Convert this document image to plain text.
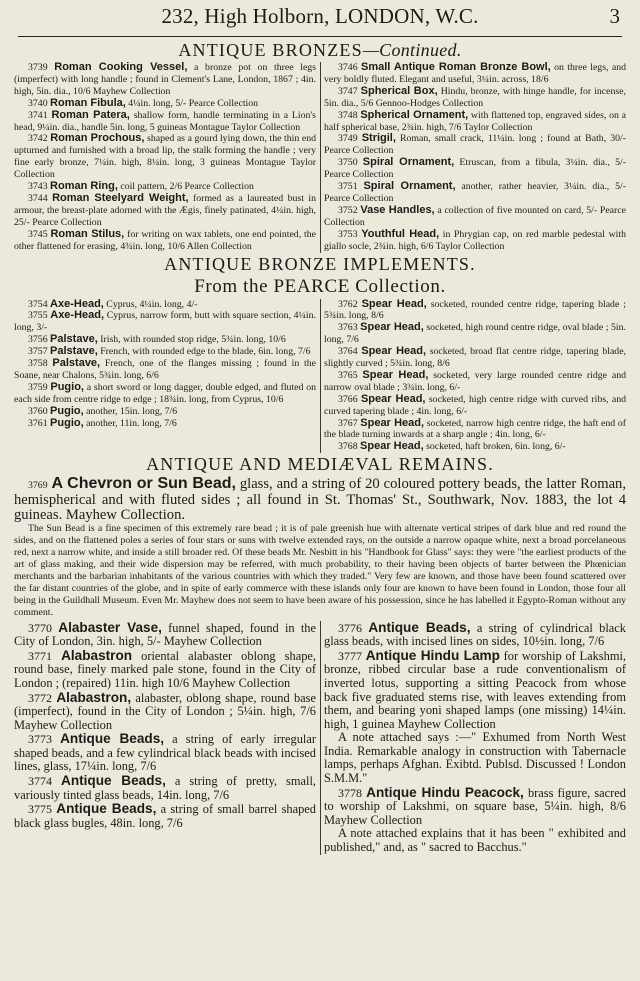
232, High Holborn, LONDON, W.C.	3
ANTIQUE BRONZES—Continued.

3739 Roman Cooking Vessel, a bronze pot on three legs (imperfect) with long handle ; found in Clement's Lane, London, 1867 ; 4in. high, 5in. dia., 10/6 Mayhew Collection

3740 Roman Fibula, 4¼in. long, 5/- Pearce Collection

3741 Roman Patera, shallow form, handle terminating in a Lion's head, 9¼in. dia., handle 5in. long, 5 guineas Montague Taylor Collection

3742 Roman Prochous, shaped as a gourd lying down, the thin end upturned and furnished with a broad lip, the stalk forming the handle ; very fine early bronze, 7¼in. high, 8¼in. long, 3 guineas Montague Taylor Collection

3743 Roman Ring, coil pattern, 2/6 Pearce Collection

3744 Roman Steelyard Weight, formed as a laureated bust in armour, the breast-plate adorned with the Ægis, finely patinated, 4¼in. high, 25/- Pearce Collection

3745 Roman Stilus, for writing on wax tablets, one end pointed, the other flattened for erasing, 4¾in. long, 10/6 Allen Collection

3746 Small Antique Roman Bronze Bowl, on three legs, and very boldly fluted. Elegant and useful, 3¼in. across, 18/6

3747 Spherical Box, Hindu, bronze, with hinge handle, for incense, 5in. dia., 5/6 Gennoo-Hodges Collection

3748 Spherical Ornament, with flattened top, engraved sides, on a half spherical base, 2¾in. high, 7/6 Taylor Collection

3749 Strigil, Roman, small crack, 11¼in. long ; found at Bath, 30/- Pearce Collection

3750 Spiral Ornament, Etruscan, from a fibula, 3¼in. dia., 5/- Pearce Collection

3751 Spiral Ornament, another, rather heavier, 3¼in. dia., 5/- Pearce Collection

3752 Vase Handles, a collection of five mounted on card, 5/- Pearce Collection

3753 Youthful Head, in Phrygian cap, on red marble pedestal with giallo socle, 2¾in. high, 6/6 Taylor Collection

ANTIQUE BRONZE IMPLEMENTS.
From the PEARCE Collection.

3754 Axe-Head, Cyprus, 4¼in. long, 4/-

3755 Axe-Head, Cyprus, narrow form, butt with square section, 4¼in. long, 3/-

3756 Palstave, Irish, with rounded stop ridge, 5¾in. long, 10/6

3757 Palstave, French, with rounded edge to the blade, 6in. long, 7/6

3758 Palstave, French, one of the flanges missing ; found in the Soane, near Chalons, 5¾in. long, 6/6

3759 Pugio, a short sword or long dagger, double edged, and fluted on each side from centre ridge to edge ; 18¾in. long, from Cyprus, 10/6

3760 Pugio, another, 15in. long, 7/6

3761 Pugio, another, 11in. long, 7/6

3762 Spear Head, socketed, rounded centre ridge, tapering blade ; 5¾in. long, 8/6

3763 Spear Head, socketed, high round centre ridge, oval blade ; 5in. long, 7/6

3764 Spear Head, socketed, broad flat centre ridge, tapering blade, slightly curved ; 5¾in. long, 8/6

3765 Spear Head, socketed, very large rounded centre ridge and narrow oval blade ; 3¾in. long, 6/-

3766 Spear Head, socketed, high centre ridge with curved ribs, and curved tapering blade ; 4in. long, 6/-

3767 Spear Head, socketed, narrow high centre ridge, the haft end of the blade turning inwards at a sharp angle ; 4in. long, 6/-

3768 Spear Head, socketed, haft broken, 6in. long, 6/-

ANTIQUE AND MEDIÆVAL REMAINS.

3769 A Chevron or Sun Bead, glass, and a string of 20 coloured pottery beads, the latter Roman, hemispherical and with fluted sides ; all found in St. Thomas' St., Southwark, Nov. 1883, the lot 4 guineas. Mayhew Collection.

The Sun Bead is a fine specimen of this extremely rare bead ; it is of pale greenish hue with alternate vertical stripes of dark blue and red round the sides, and on the flattened poles a series of four stars or suns with twelve extended rays, on the outside a narrow opaque white, next a broad porcelaneous red, next a narrow white, and inside a still broader red. Of these beads Mr. Nesbitt in his "Handbook for Glass" says: they were "the earliest products of the art of glass making, and their wide dispersion may be referred, with much probability, to their having been objects of barter between the Phœnician merchants and the barbarian inhabitants of the various countries with which they traded." Very few are known, and those have been found scattered over the far distant countries of the globe, and in spite of early commerce with these islands only four are known to have been found in London, those four all being in the Guildhall Museum. Even Mr. Mayhew does not seem to have been aware of his possession, since he has labelled it Egypto-Roman without any comment.

3770 Alabaster Vase, funnel shaped, found in the City of London, 3in. high, 5/- Mayhew Collection

3771 Alabastron oriental alabaster oblong shape, round base, finely marked pale stone, found in the City of London ; (repaired) 11in. high 10/6 Mayhew Collection

3772 Alabastron, alabaster, oblong shape, round base (imperfect), found in the City of London ; 5¼in. high, 7/6 Mayhew Collection

3773 Antique Beads, a string of early irregular shaped beads, and a few cylindrical black beads with incised lines, glass, 17¼in. long, 7/6

3774 Antique Beads, a string of pretty, small, variously tinted glass beads, 14in. long, 7/6

3775 Antique Beads, a string of small barrel shaped black glass bugles, 48in. long, 7/6

3776 Antique Beads, a string of cylindrical black glass beads, with incised lines on sides, 10½in. long, 7/6

3777 Antique Hindu Lamp for worship of Lakshmi, bronze, ribbed circular base a rude conventionalism of inverted lotus, supporting a sitting Peacock from whose back five graduated stems rise, with leaves extending from them, and bearing yoni shaped lamps (one missing) 14¼in. high, 1 guinea Mayhew Collection

A note attached says :—" Exhumed from North West India. Remarkable analogy in construction with Tabernacle lamps, perhaps Afghan. Exibtd. Publsd. Discussed ! London S.M.M."

3778 Antique Hindu Peacock, brass figure, sacred to worship of Lakshmi, on square base, 5¼in. high, 8/6 Mayhew Collection

A note attached explains that it has been " exhibited and published," and, as " sacred to Bacchus."
